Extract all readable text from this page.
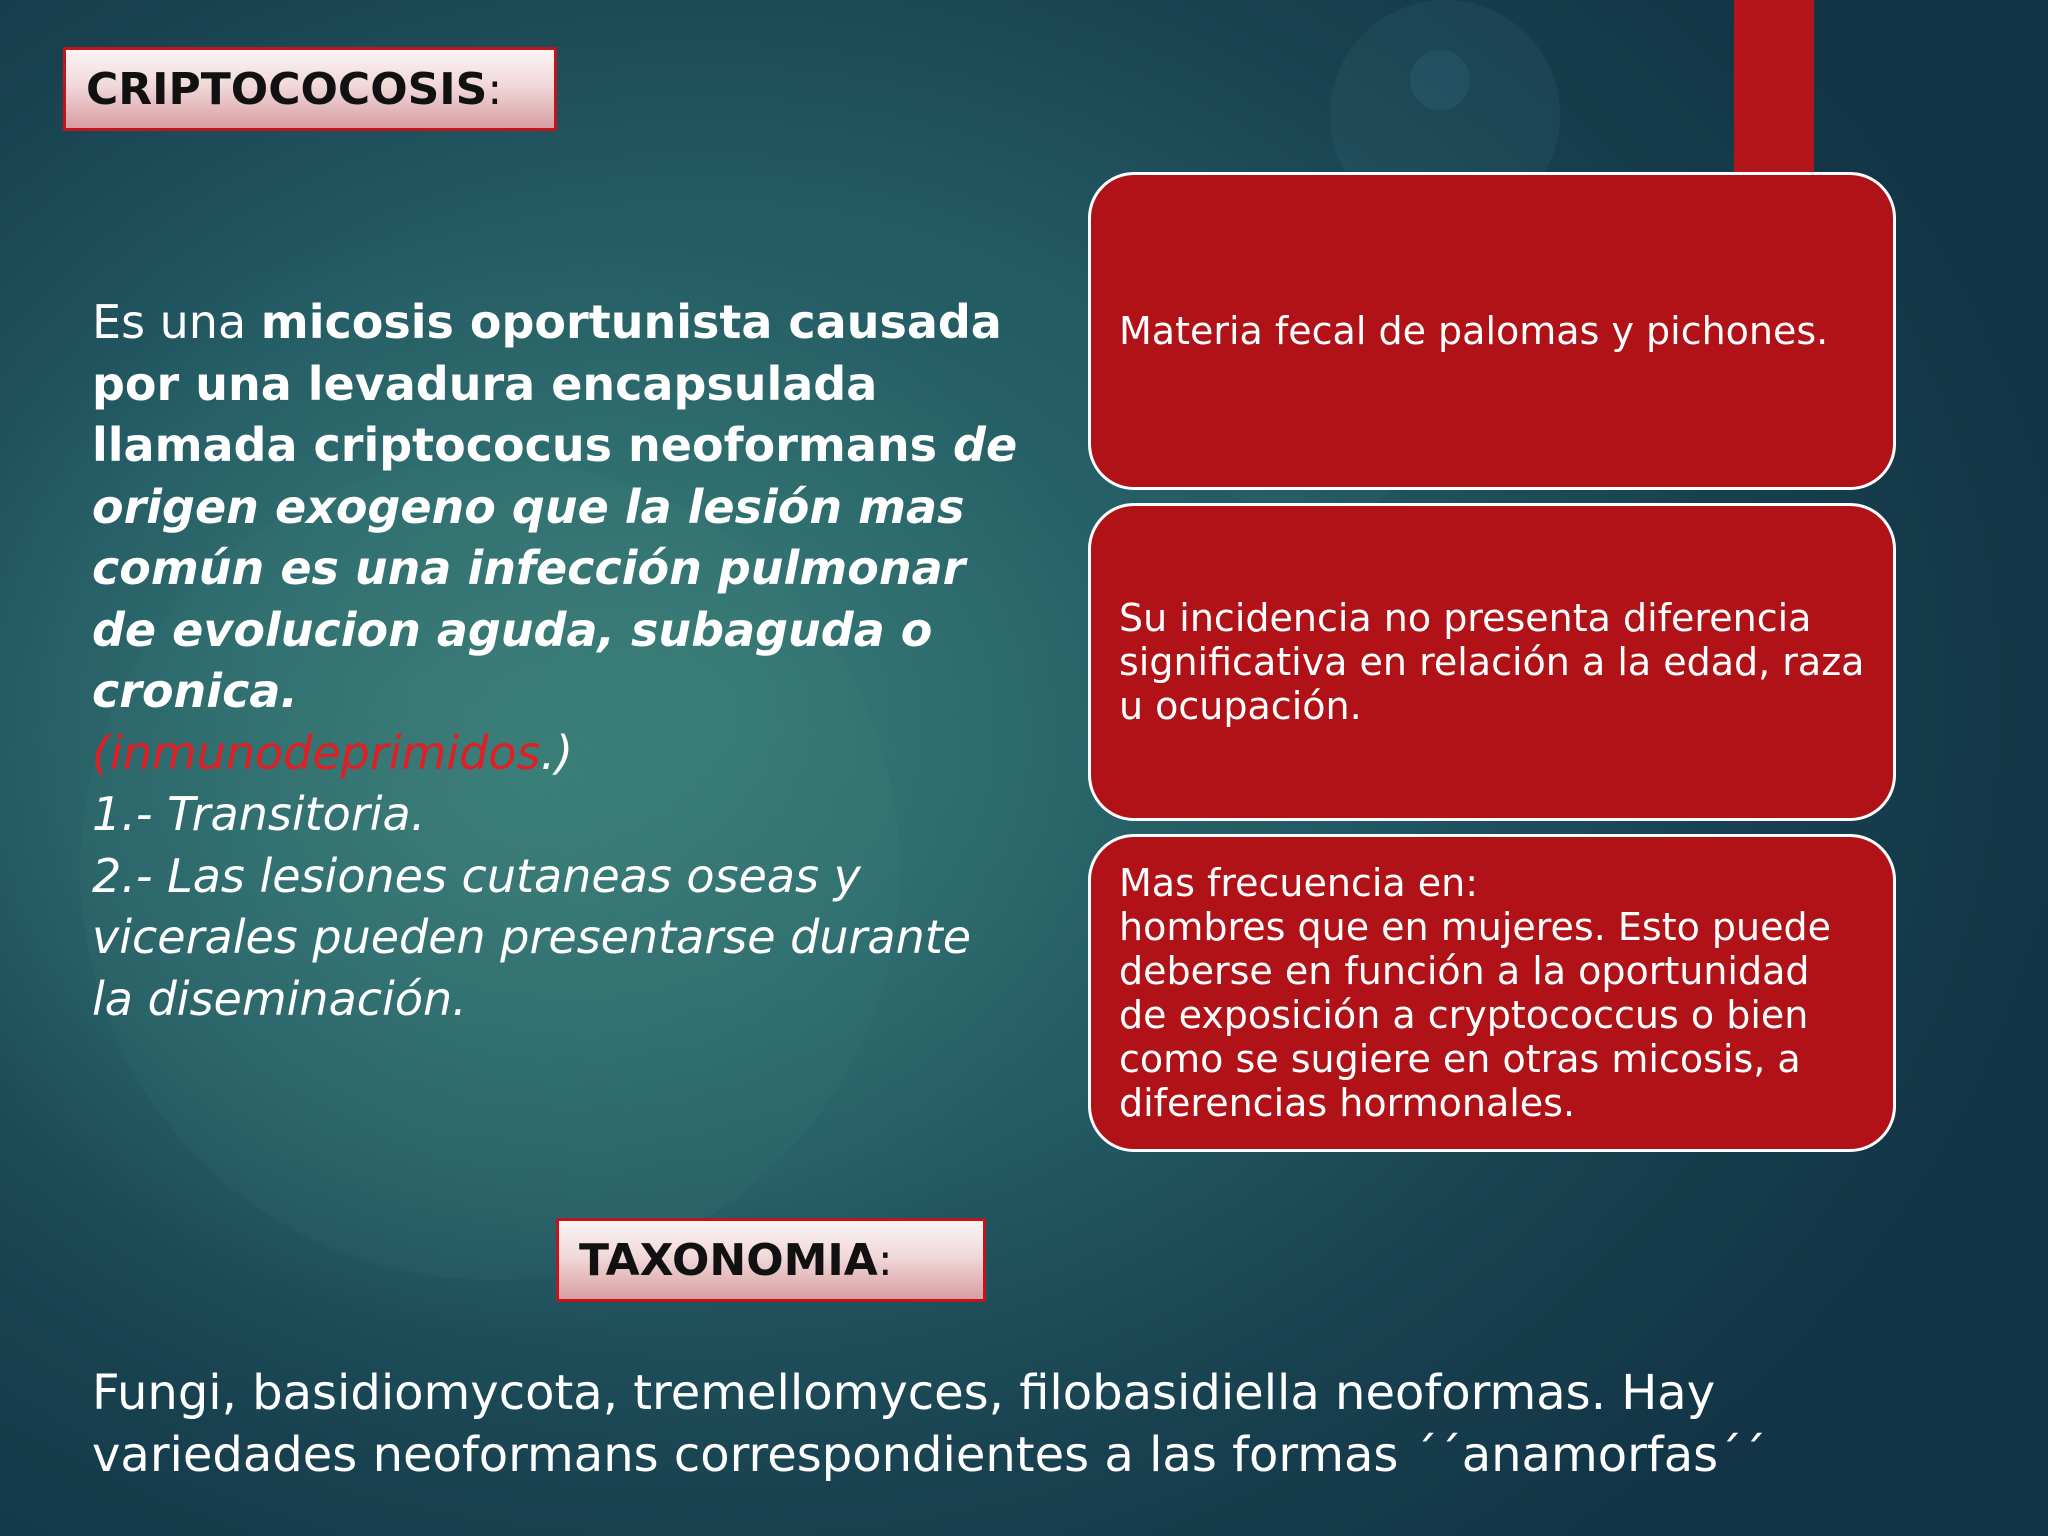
CRIPTOCOCOSIS :
Es una micosis oportunista causada por una levadura encapsulada llamada criptococus neoformans de origen exogeno que la lesión mas común es una infección pulmonar de evolucion aguda, subaguda o cronica.
(inmunodeprimidos.)
1.- Transitoria.
2.- Las lesiones cutaneas oseas y vicerales pueden presentarse durante la diseminación.
Materia fecal de palomas y pichones.
Su incidencia no presenta diferencia significativa en relación a la edad, raza u ocupación.
Mas frecuencia en:
hombres que en mujeres. Esto puede deberse en función a la oportunidad de exposición a cryptococcus o bien como se sugiere en otras micosis, a diferencias hormonales.
TAXONOMIA :
Fungi, basidiomycota, tremellomyces, filobasidiella neoformas. Hay
variedades neoformans correspondientes a las formas ´´anamorfas´´
